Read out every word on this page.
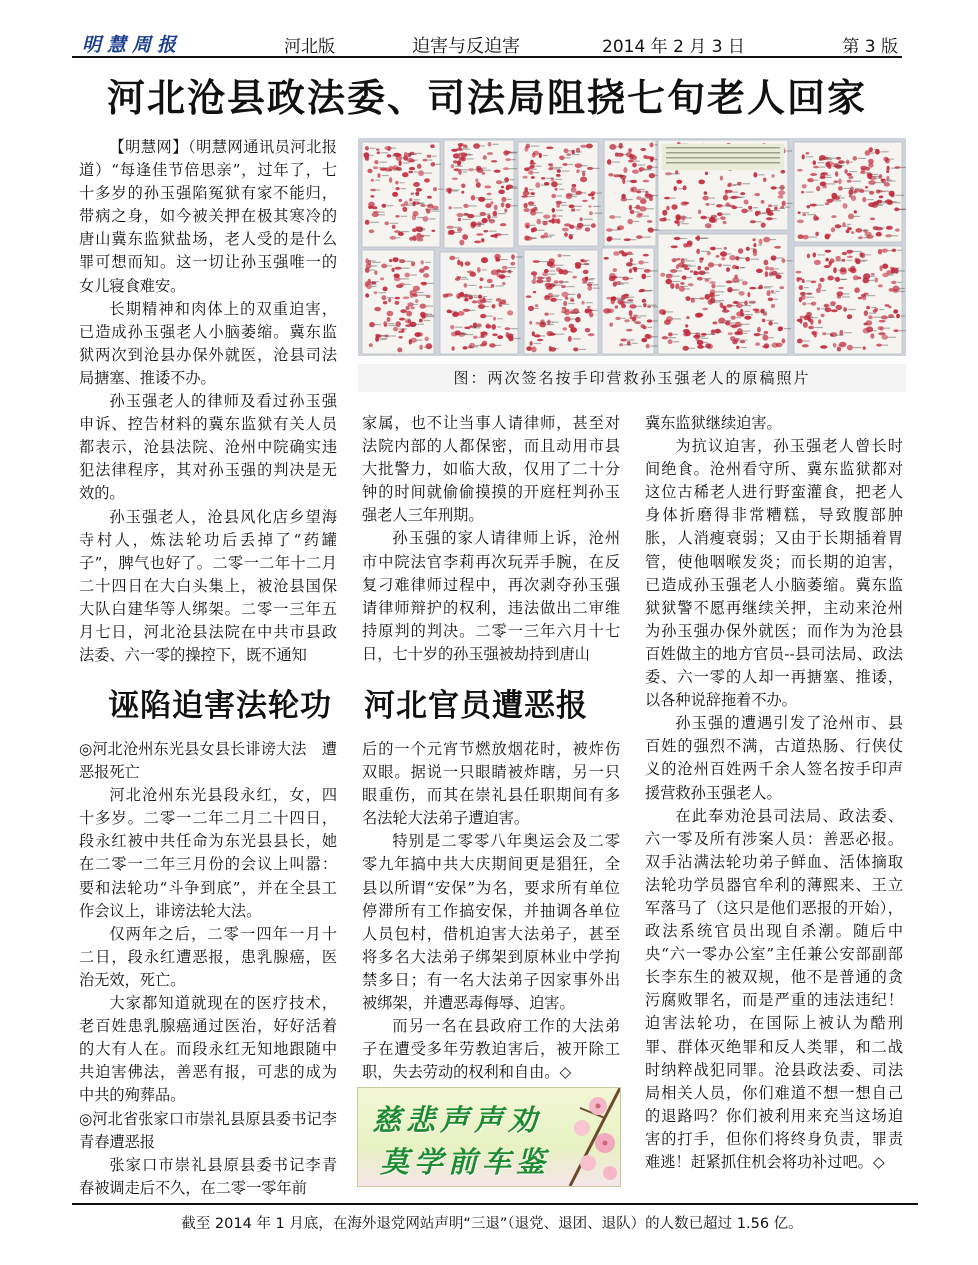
明慧周报	河北版	迫害与反迫害	2014 年 2 月 3 日	第 3 版
河北沧县政法委、司法局阻挠七旬老人回家

【明慧网】（明慧网通讯员河北报道）“每逢佳节倍思亲”，过年了，七十多岁的孙玉强陷冤狱有家不能归，带病之身，如今被关押在极其寒冷的唐山冀东监狱盐场，老人受的是什么罪可想而知。这一切让孙玉强唯一的女儿寝食难安。

长期精神和肉体上的双重迫害，已造成孙玉强老人小脑萎缩。冀东监狱两次到沧县办保外就医，沧县司法局搪塞、推诿不办。

孙玉强老人的律师及看过孙玉强申诉、控告材料的冀东监狱有关人员都表示，沧县法院、沧州中院确实违犯法律程序，其对孙玉强的判决是无效的。

孙玉强老人，沧县风化店乡望海寺村人，炼法轮功后丢掉了“药罐子”，脾气也好了。二零一二年十二月二十四日在大白头集上，被沧县国保大队白建华等人绑架。二零一三年五月七日，河北沧县法院在中共市县政法委、六一零的操控下，既不通知

图：两次签名按手印营救孙玉强老人的原稿照片

家属，也不让当事人请律师，甚至对法院内部的人都保密，而且动用市县大批警力，如临大敌，仅用了二十分钟的时间就偷偷摸摸的开庭枉判孙玉强老人三年刑期。

孙玉强的家人请律师上诉，沧州市中院法官李莉再次玩弄手腕，在反复刁难律师过程中，再次剥夺孙玉强请律师辩护的权利，违法做出二审维持原判的判决。二零一三年六月十七日，七十岁的孙玉强被劫持到唐山

冀东监狱继续迫害。

为抗议迫害，孙玉强老人曾长时间绝食。沧州看守所、冀东监狱都对这位古稀老人进行野蛮灌食，把老人身体折磨得非常糟糕，导致腹部肿胀，人消瘦衰弱；又由于长期插着胃管，使他咽喉发炎；而长期的迫害，已造成孙玉强老人小脑萎缩。冀东监狱狱警不愿再继续关押，主动来沧州为孙玉强办保外就医；而作为为沧县百姓做主的地方官员--县司法局、政法委、六一零的人却一再搪塞、推诿，以各种说辞拖着不办。

孙玉强的遭遇引发了沧州市、县百姓的强烈不满，古道热肠、行侠仗义的沧州百姓两千余人签名按手印声援营救孙玉强老人。

在此奉劝沧县司法局、政法委、六一零及所有涉案人员：善恶必报。双手沾满法轮功弟子鲜血、活体摘取法轮功学员器官牟利的薄熙来、王立军落马了（这只是他们恶报的开始），政法系统官员出现自杀潮。随后中央“六一零办公室”主任兼公安部副部长李东生的被双规，他不是普通的贪污腐败罪名，而是严重的违法违纪！迫害法轮功，在国际上被认为酷刑罪、群体灭绝罪和反人类罪，和二战时纳粹战犯同罪。沧县政法委、司法局相关人员，你们难道不想一想自己的退路吗？你们被利用来充当这场迫害的打手，但你们将终身负责，罪责难逃！赶紧抓住机会将功补过吧。◇

诬陷迫害法轮功　河北官员遭恶报

◎河北沧州东光县女县长诽谤大法　遭恶报死亡

河北沧州东光县段永红，女，四十多岁。二零一二年二月二十四日，段永红被中共任命为东光县县长，她在二零一二年三月份的会议上叫嚣：要和法轮功“斗争到底”，并在全县工作会议上，诽谤法轮大法。

仅两年之后，二零一四年一月十二日，段永红遭恶报，患乳腺癌，医治无效，死亡。

大家都知道就现在的医疗技术，老百姓患乳腺癌通过医治，好好活着的大有人在。而段永红无知地跟随中共迫害佛法，善恶有报，可悲的成为中共的殉葬品。

◎河北省张家口市崇礼县原县委书记李青春遭恶报

张家口市崇礼县原县委书记李青春被调走后不久，在二零一零年前

后的一个元宵节燃放烟花时，被炸伤双眼。据说一只眼睛被炸瞎，另一只眼重伤，而其在崇礼县任职期间有多名法轮大法弟子遭迫害。

特别是二零零八年奥运会及二零零九年搞中共大庆期间更是猖狂，全县以所谓“安保”为名，要求所有单位停滞所有工作搞安保，并抽调各单位人员包村，借机迫害大法弟子，甚至将多名大法弟子绑架到原林业中学拘禁多日；有一名大法弟子因家事外出被绑架，并遭恶毒侮辱、迫害。

而另一名在县政府工作的大法弟子在遭受多年劳教迫害后，被开除工职，失去劳动的权利和自由。◇

慈悲声声劝
莫学前车鉴
截至 2014 年 1 月底，在海外退党网站声明“三退”（退党、退团、退队）的人数已超过 1.56 亿。
